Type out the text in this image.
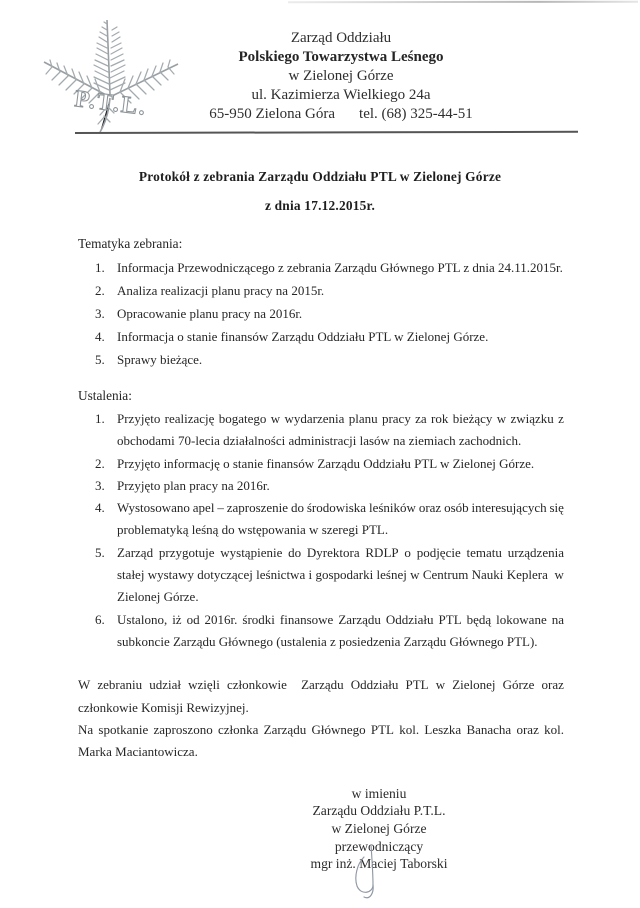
P.T.L.
Zarząd Oddziału
Polskiego Towarzystwa Leśnego
w Zielonej Górze
ul. Kazimierza Wielkiego 24a
65-950 Zielona Góra tel. (68) 325-44-51
Protokół z zebrania Zarządu Oddziału PTL w Zielonej Górze
z dnia 17.12.2015r.
Tematyka zebrania:
1. Informacja Przewodniczącego z zebrania Zarządu Głównego PTL z dnia 24.11.2015r.
2. Analiza realizacji planu pracy na 2015r.
3. Opracowanie planu pracy na 2016r.
4. Informacja o stanie finansów Zarządu Oddziału PTL w Zielonej Górze.
5. Sprawy bieżące.
Ustalenia:
1. Przyjęto realizację bogatego w wydarzenia planu pracy za rok bieżący w związku z
obchodami 70-lecia działalności administracji lasów na ziemiach zachodnich.
2. Przyjęto informację o stanie finansów Zarządu Oddziału PTL w Zielonej Górze.
3. Przyjęto plan pracy na 2016r.
4. Wystosowano apel – zaproszenie do środowiska leśników oraz osób interesujących się
problematyką leśną do wstępowania w szeregi PTL.
5. Zarząd przygotuje wystąpienie do Dyrektora RDLP o podjęcie tematu urządzenia
stałej wystawy dotyczącej leśnictwa i gospodarki leśnej w Centrum Nauki Keplera w
Zielonej Górze.
6. Ustalono, iż od 2016r. środki finansowe Zarządu Oddziału PTL będą lokowane na
subkoncie Zarządu Głównego (ustalenia z posiedzenia Zarządu Głównego PTL).
W zebraniu udział wzięli członkowie Zarządu Oddziału PTL w Zielonej Górze oraz
członkowie Komisji Rewizyjnej.
Na spotkanie zaproszono członka Zarządu Głównego PTL kol. Leszka Banacha oraz kol.
Marka Maciantowicza.
w imieniu
Zarządu Oddziału P.T.L.
w Zielonej Górze
przewodniczący
mgr inż. Maciej Taborski
